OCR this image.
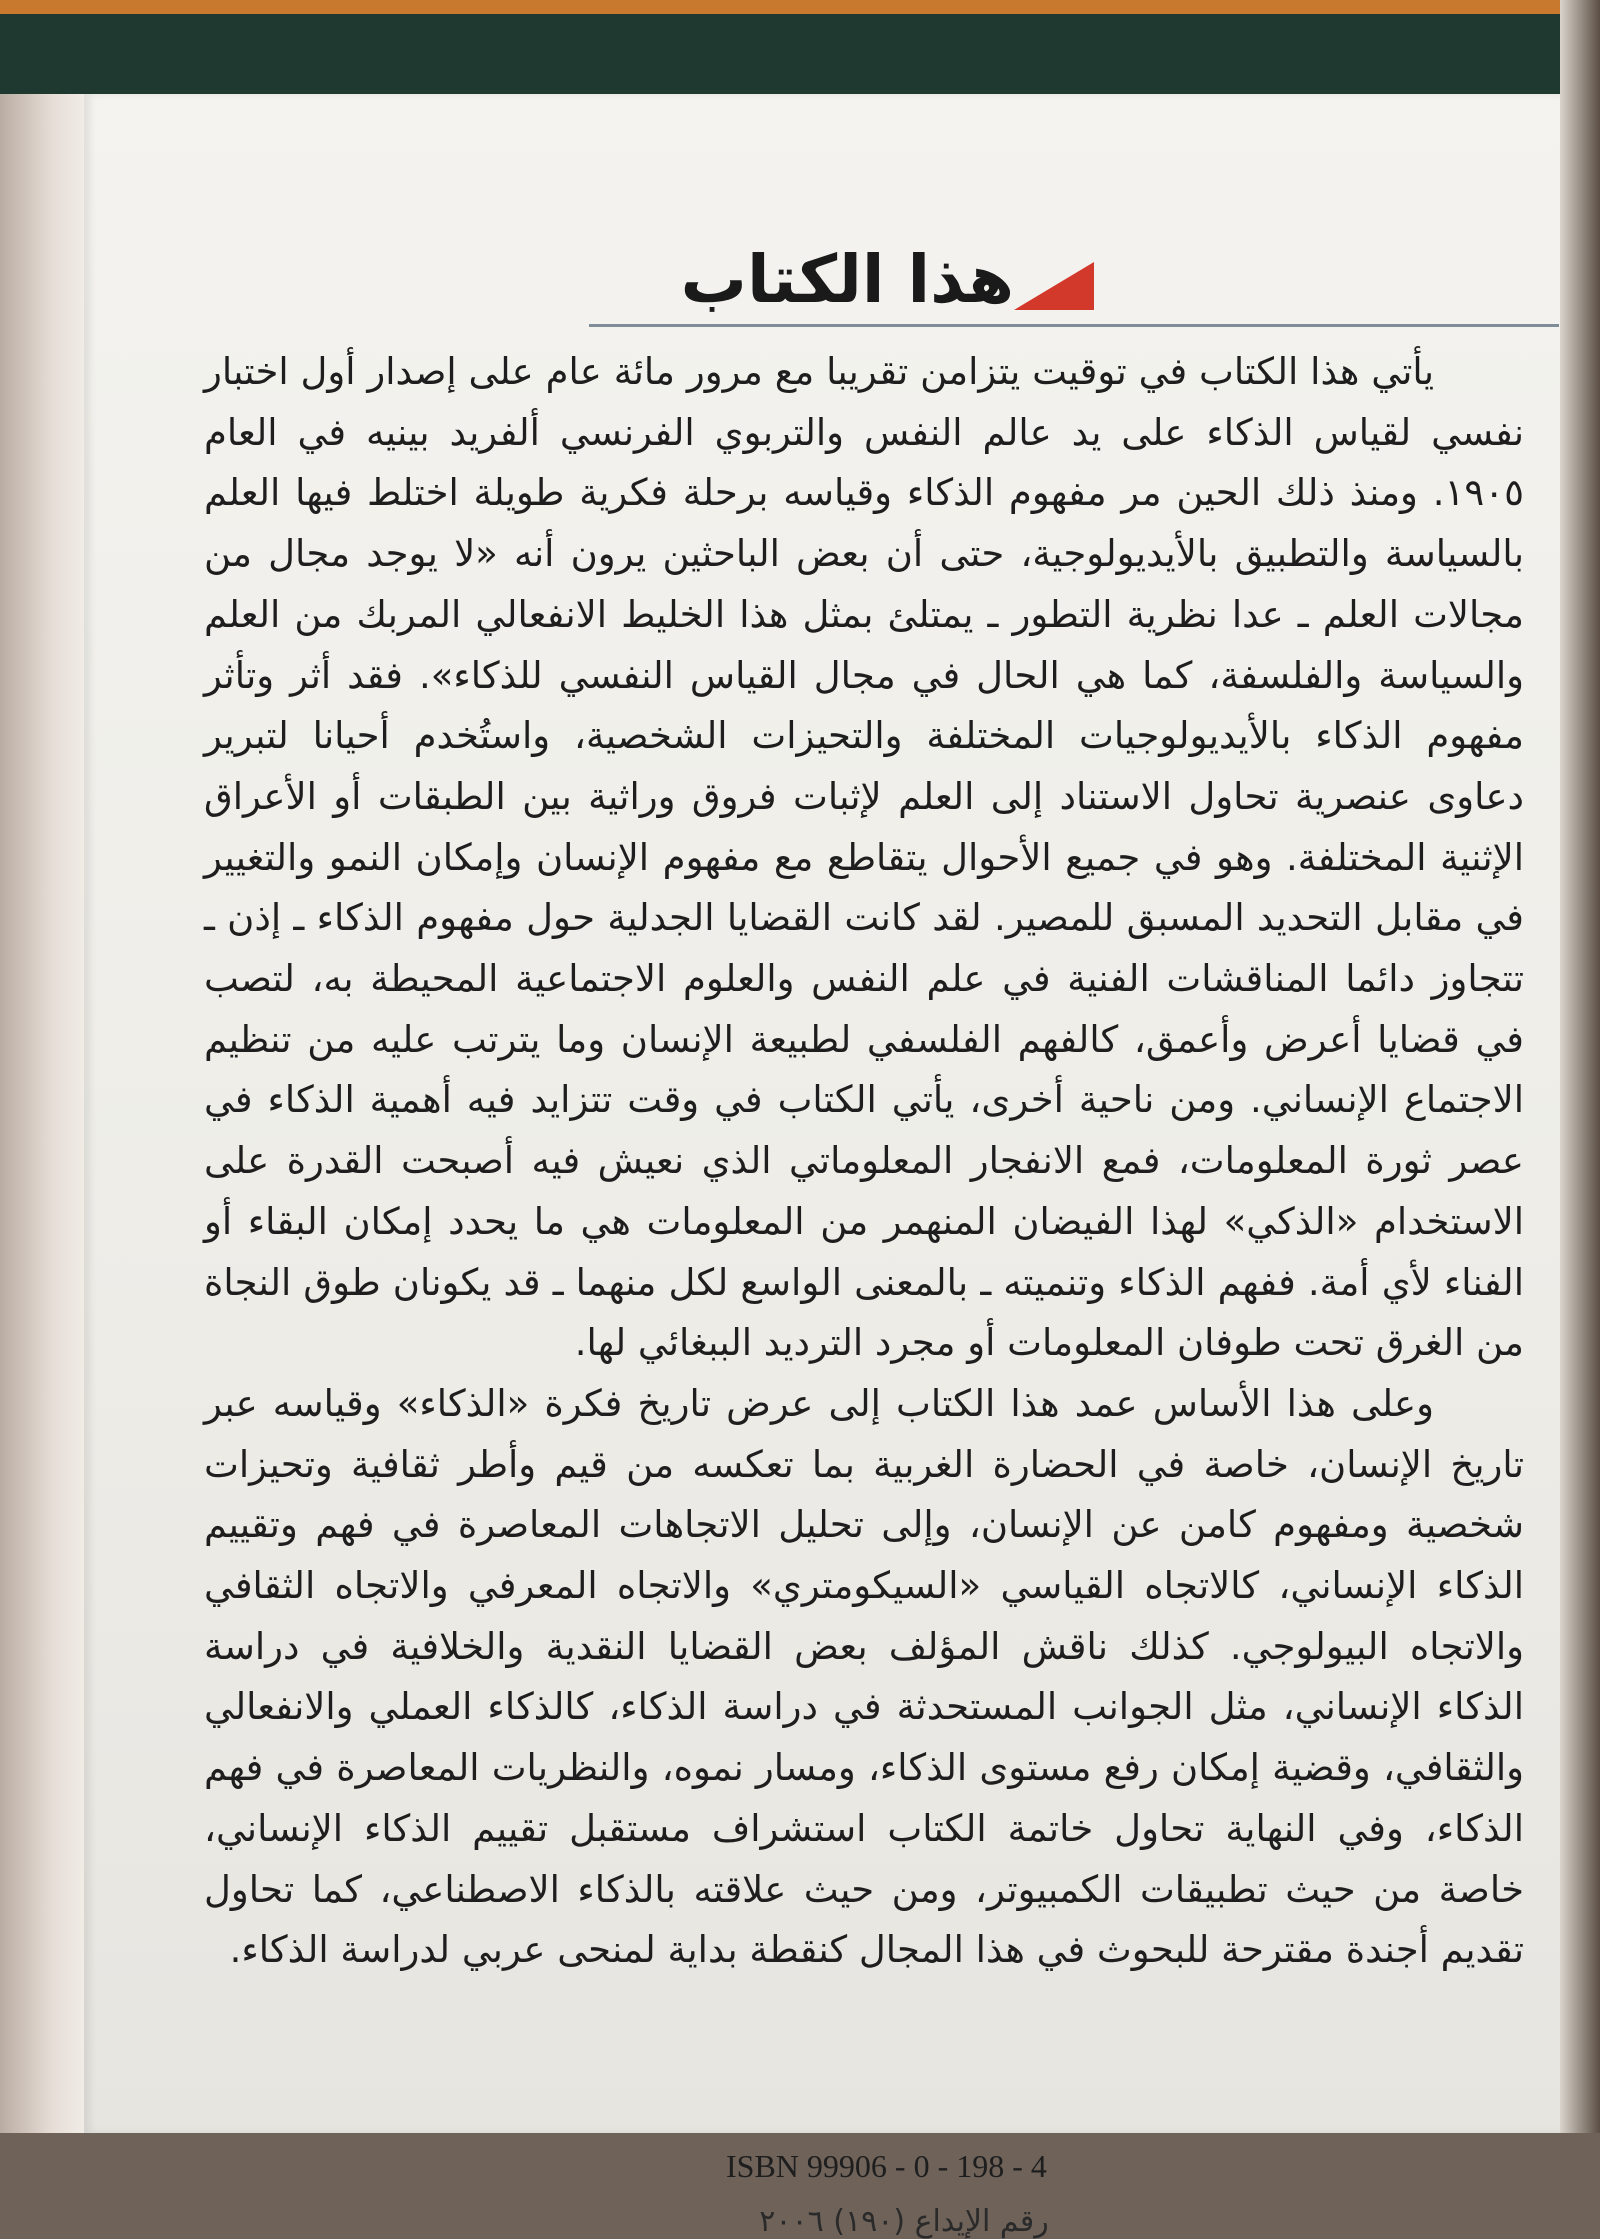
هذا الكتاب

يأتي هذا الكتاب في توقيت يتزامن تقريبا مع مرور مائة عام على إصدار أول اختبار نفسي لقياس الذكاء على يد عالم النفس والتربوي الفرنسي ألفريد بينيه في العام ١٩٠٥. ومنذ ذلك الحين مر مفهوم الذكاء وقياسه برحلة فكرية طويلة اختلط فيها العلم بالسياسة والتطبيق بالأيديولوجية، حتى أن بعض الباحثين يرون أنه «لا يوجد مجال من مجالات العلم ـ عدا نظرية التطور ـ يمتلئ بمثل هذا الخليط الانفعالي المربك من العلم والسياسة والفلسفة، كما هي الحال في مجال القياس النفسي للذكاء». فقد أثر وتأثر مفهوم الذكاء بالأيديولوجيات المختلفة والتحيزات الشخصية، واستُخدم أحيانا لتبرير دعاوى عنصرية تحاول الاستناد إلى العلم لإثبات فروق وراثية بين الطبقات أو الأعراق الإثنية المختلفة. وهو في جميع الأحوال يتقاطع مع مفهوم الإنسان وإمكان النمو والتغيير في مقابل التحديد المسبق للمصير. لقد كانت القضايا الجدلية حول مفهوم الذكاء ـ إذن ـ تتجاوز دائما المناقشات الفنية في علم النفس والعلوم الاجتماعية المحيطة به، لتصب في قضايا أعرض وأعمق، كالفهم الفلسفي لطبيعة الإنسان وما يترتب عليه من تنظيم الاجتماع الإنساني. ومن ناحية أخرى، يأتي الكتاب في وقت تتزايد فيه أهمية الذكاء في عصر ثورة المعلومات، فمع الانفجار المعلوماتي الذي نعيش فيه أصبحت القدرة على الاستخدام «الذكي» لهذا الفيضان المنهمر من المعلومات هي ما يحدد إمكان البقاء أو الفناء لأي أمة. ففهم الذكاء وتنميته ـ بالمعنى الواسع لكل منهما ـ قد يكونان طوق النجاة من الغرق تحت طوفان المعلومات أو مجرد الترديد الببغائي لها.

وعلى هذا الأساس عمد هذا الكتاب إلى عرض تاريخ فكرة «الذكاء» وقياسه عبر تاريخ الإنسان، خاصة في الحضارة الغربية بما تعكسه من قيم وأطر ثقافية وتحيزات شخصية ومفهوم كامن عن الإنسان، وإلى تحليل الاتجاهات المعاصرة في فهم وتقييم الذكاء الإنساني، كالاتجاه القياسي «السيكومتري» والاتجاه المعرفي والاتجاه الثقافي والاتجاه البيولوجي. كذلك ناقش المؤلف بعض القضايا النقدية والخلافية في دراسة الذكاء الإنساني، مثل الجوانب المستحدثة في دراسة الذكاء، كالذكاء العملي والانفعالي والثقافي، وقضية إمكان رفع مستوى الذكاء، ومسار نموه، والنظريات المعاصرة في فهم الذكاء، وفي النهاية تحاول خاتمة الكتاب استشراف مستقبل تقييم الذكاء الإنساني، خاصة من حيث تطبيقات الكمبيوتر، ومن حيث علاقته بالذكاء الاصطناعي، كما تحاول تقديم أجندة مقترحة للبحوث في هذا المجال كنقطة بداية لمنحى عربي لدراسة الذكاء.

ISBN 99906 - 0 - 198 - 4
رقم الإيداع (١٩٠) ٢٠٠٦
